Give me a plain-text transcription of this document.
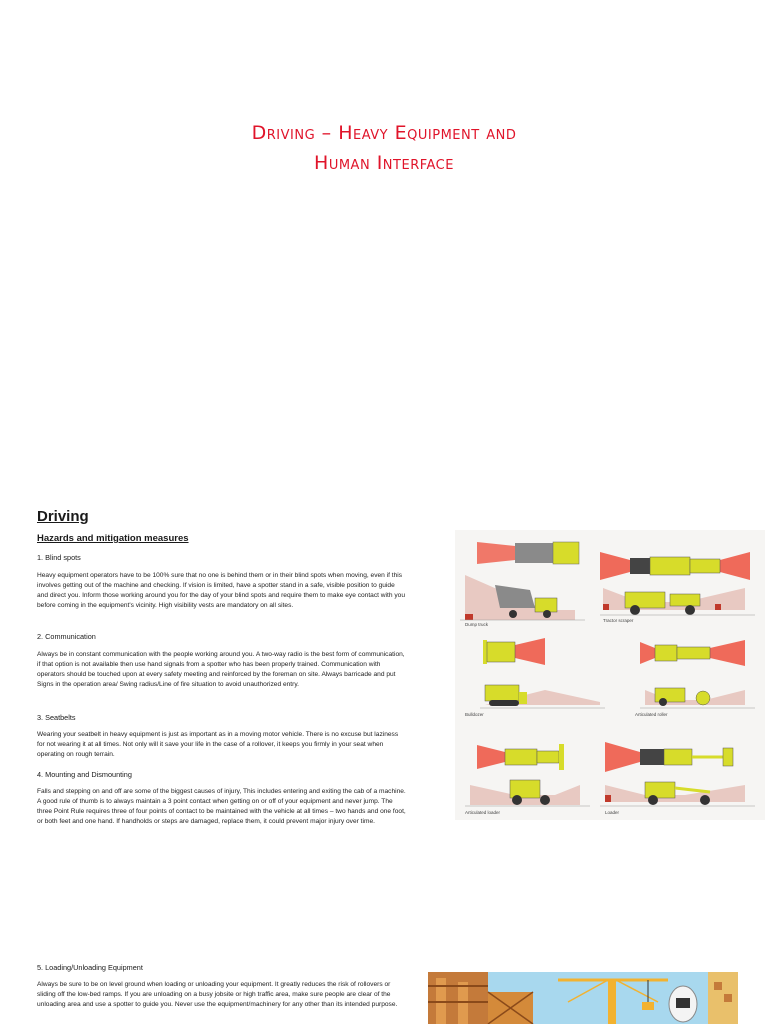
Driving – Heavy Equipment and
Human Interface
Driving
Hazards and mitigation measures
1. Blind spots
Heavy equipment operators have to be 100% sure that no one is behind them or in their blind spots when moving, even if this involves getting out of the machine and checking. If vision is limited, have a spotter stand in a safe, visible position to guide and direct you. Inform those working around you for the day of your blind spots and require them to make eye contact with you before coming in the equipment's vicinity. High visibility vests are mandatory on all sites.
2. Communication
Always be in constant communication with the people working around you. A two-way radio is the best form of communication, if that option is not available then use hand signals from a spotter who has been properly trained. Communication with operators should be touched upon at every safety meeting and reinforced by the foreman on site. Always barricade and put Signs in the operation area/ Swing radius/Line of fire situation to avoid unauthorized entry.
3. Seatbelts
Wearing your seatbelt in heavy equipment is just as important as in a moving motor vehicle. There is no excuse but laziness for not wearing it at all times. Not only will it save your life in the case of a rollover, it keeps you firmly in your seat when operating on rough terrain.
4. Mounting and Dismounting
Falls and stepping on and off are some of the biggest causes of injury, This includes entering and exiting the cab of a machine. A good rule of thumb is to always maintain a 3 point contact when getting on or off of your equipment and never jump. The three Point Rule requires three of four points of contact to be maintained with the vehicle at all times – two hands and one foot, or both feet and one hand. If handholds or steps are damaged, replace them, it could prevent major injury over time.
5. Loading/Unloading Equipment
Always be sure to be on level ground when loading or unloading your equipment. It greatly reduces the risk of rollovers or sliding off the low-bed ramps. If you are unloading on a busy jobsite or high traffic area, make sure people are clear of the unloading area and use a spotter to guide you. Never use the equipment/machinery for any other than its intended purpose.
Dump truck
Tractor scraper
Bulldozer	Articulated roller
Articulated loader	Loader
